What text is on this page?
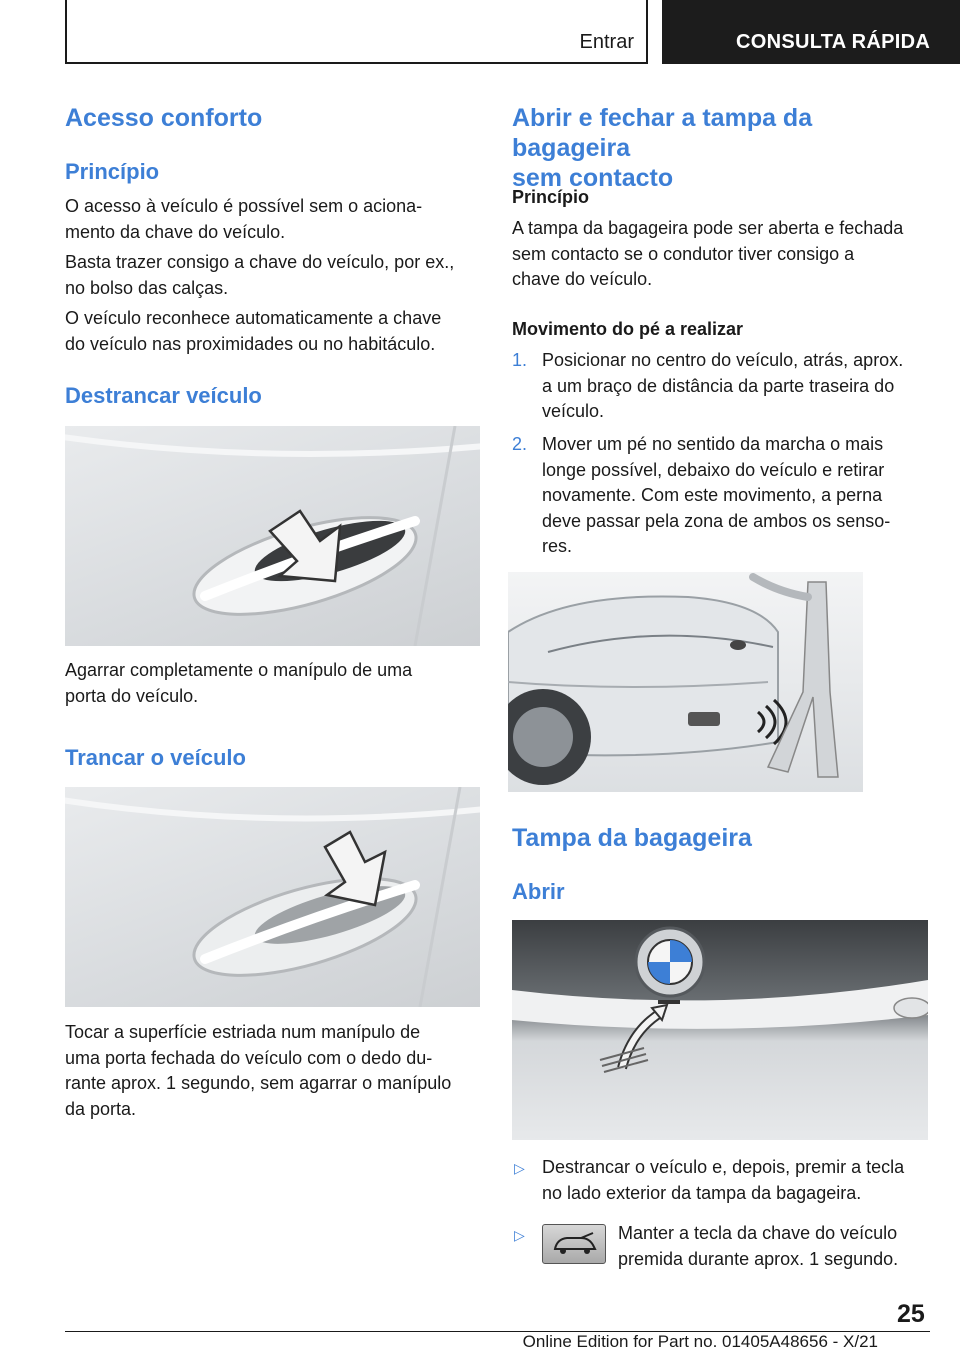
Entrar	CONSULTA RÁPIDA
Acesso conforto
Princípio
O acesso à veículo é possível sem o aciona-
mento da chave do veículo.
Basta trazer consigo a chave do veículo, por ex.,
no bolso das calças.
O veículo reconhece automaticamente a chave
do veículo nas proximidades ou no habitáculo.
Destrancar veículo
Agarrar completamente o manípulo de uma
porta do veículo.
Trancar o veículo
Tocar a superfície estriada num manípulo de
uma porta fechada do veículo com o dedo du-
rante aprox. 1 segundo, sem agarrar o manípulo
da porta.
Abrir e fechar a tampa da bagageira
sem contacto
Princípio
A tampa da bagageira pode ser aberta e fechada
sem contacto se o condutor tiver consigo a
chave do veículo.
Movimento do pé a realizar
1. Posicionar no centro do veículo, atrás, aprox.
a um braço de distância da parte traseira do
veículo.
2. Mover um pé no sentido da marcha o mais
longe possível, debaixo do veículo e retirar
novamente. Com este movimento, a perna
deve passar pela zona de ambos os senso-
res.
Tampa da bagageira
Abrir
▷ Destrancar o veículo e, depois, premir a tecla
no lado exterior da tampa da bagageira.
▷	Manter a tecla da chave do veículo
premida durante aprox. 1 segundo.
25
Online Edition for Part no. 01405A48656 - X/21
